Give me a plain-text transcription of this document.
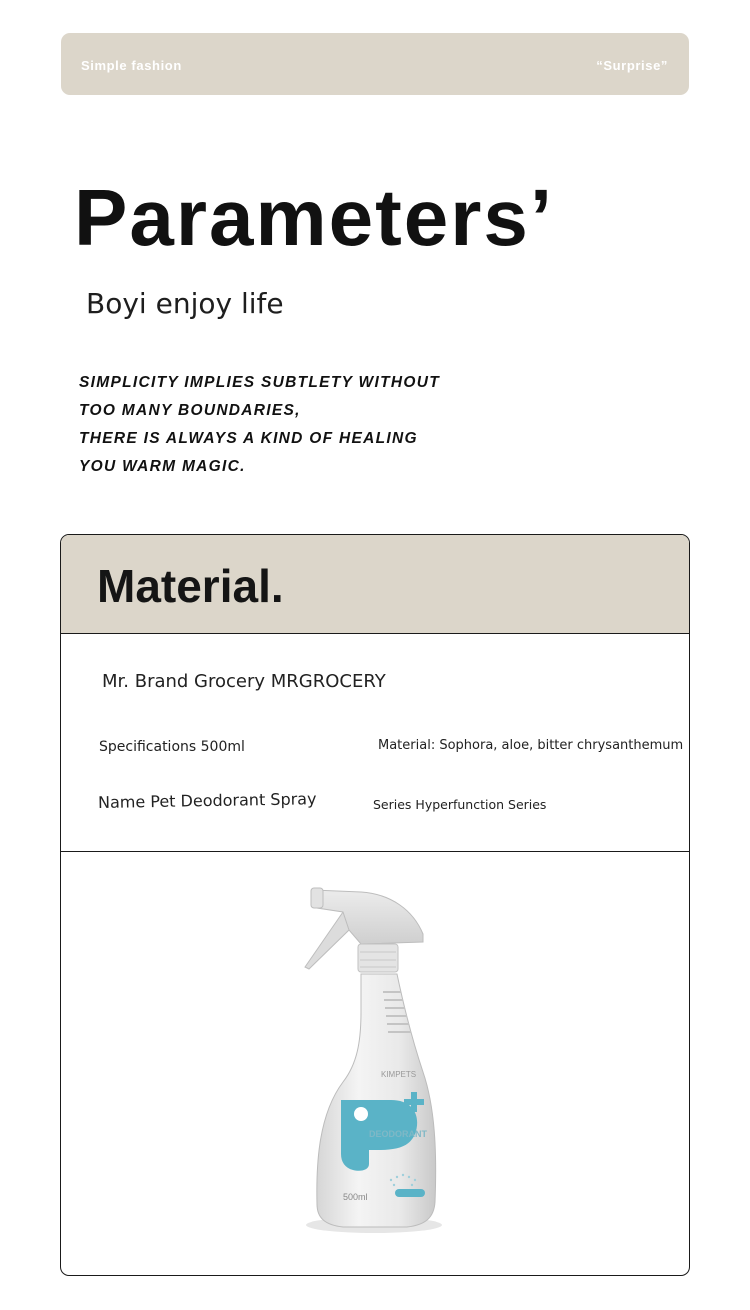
Simple fashion	“Surprise”
Parameters’
Boyi enjoy life
SIMPLICITY IMPLIES SUBTLETY WITHOUT
TOO MANY BOUNDARIES,
THERE IS ALWAYS A KIND OF HEALING
YOU WARM MAGIC.
Material.
Mr. Brand Grocery MRGROCERY
Specifications 500ml	Material: Sophora, aloe, bitter chrysanthemum
Name Pet Deodorant Spray	Series Hyperfunction Series
KIMPETS
DEODORANT
500ml
